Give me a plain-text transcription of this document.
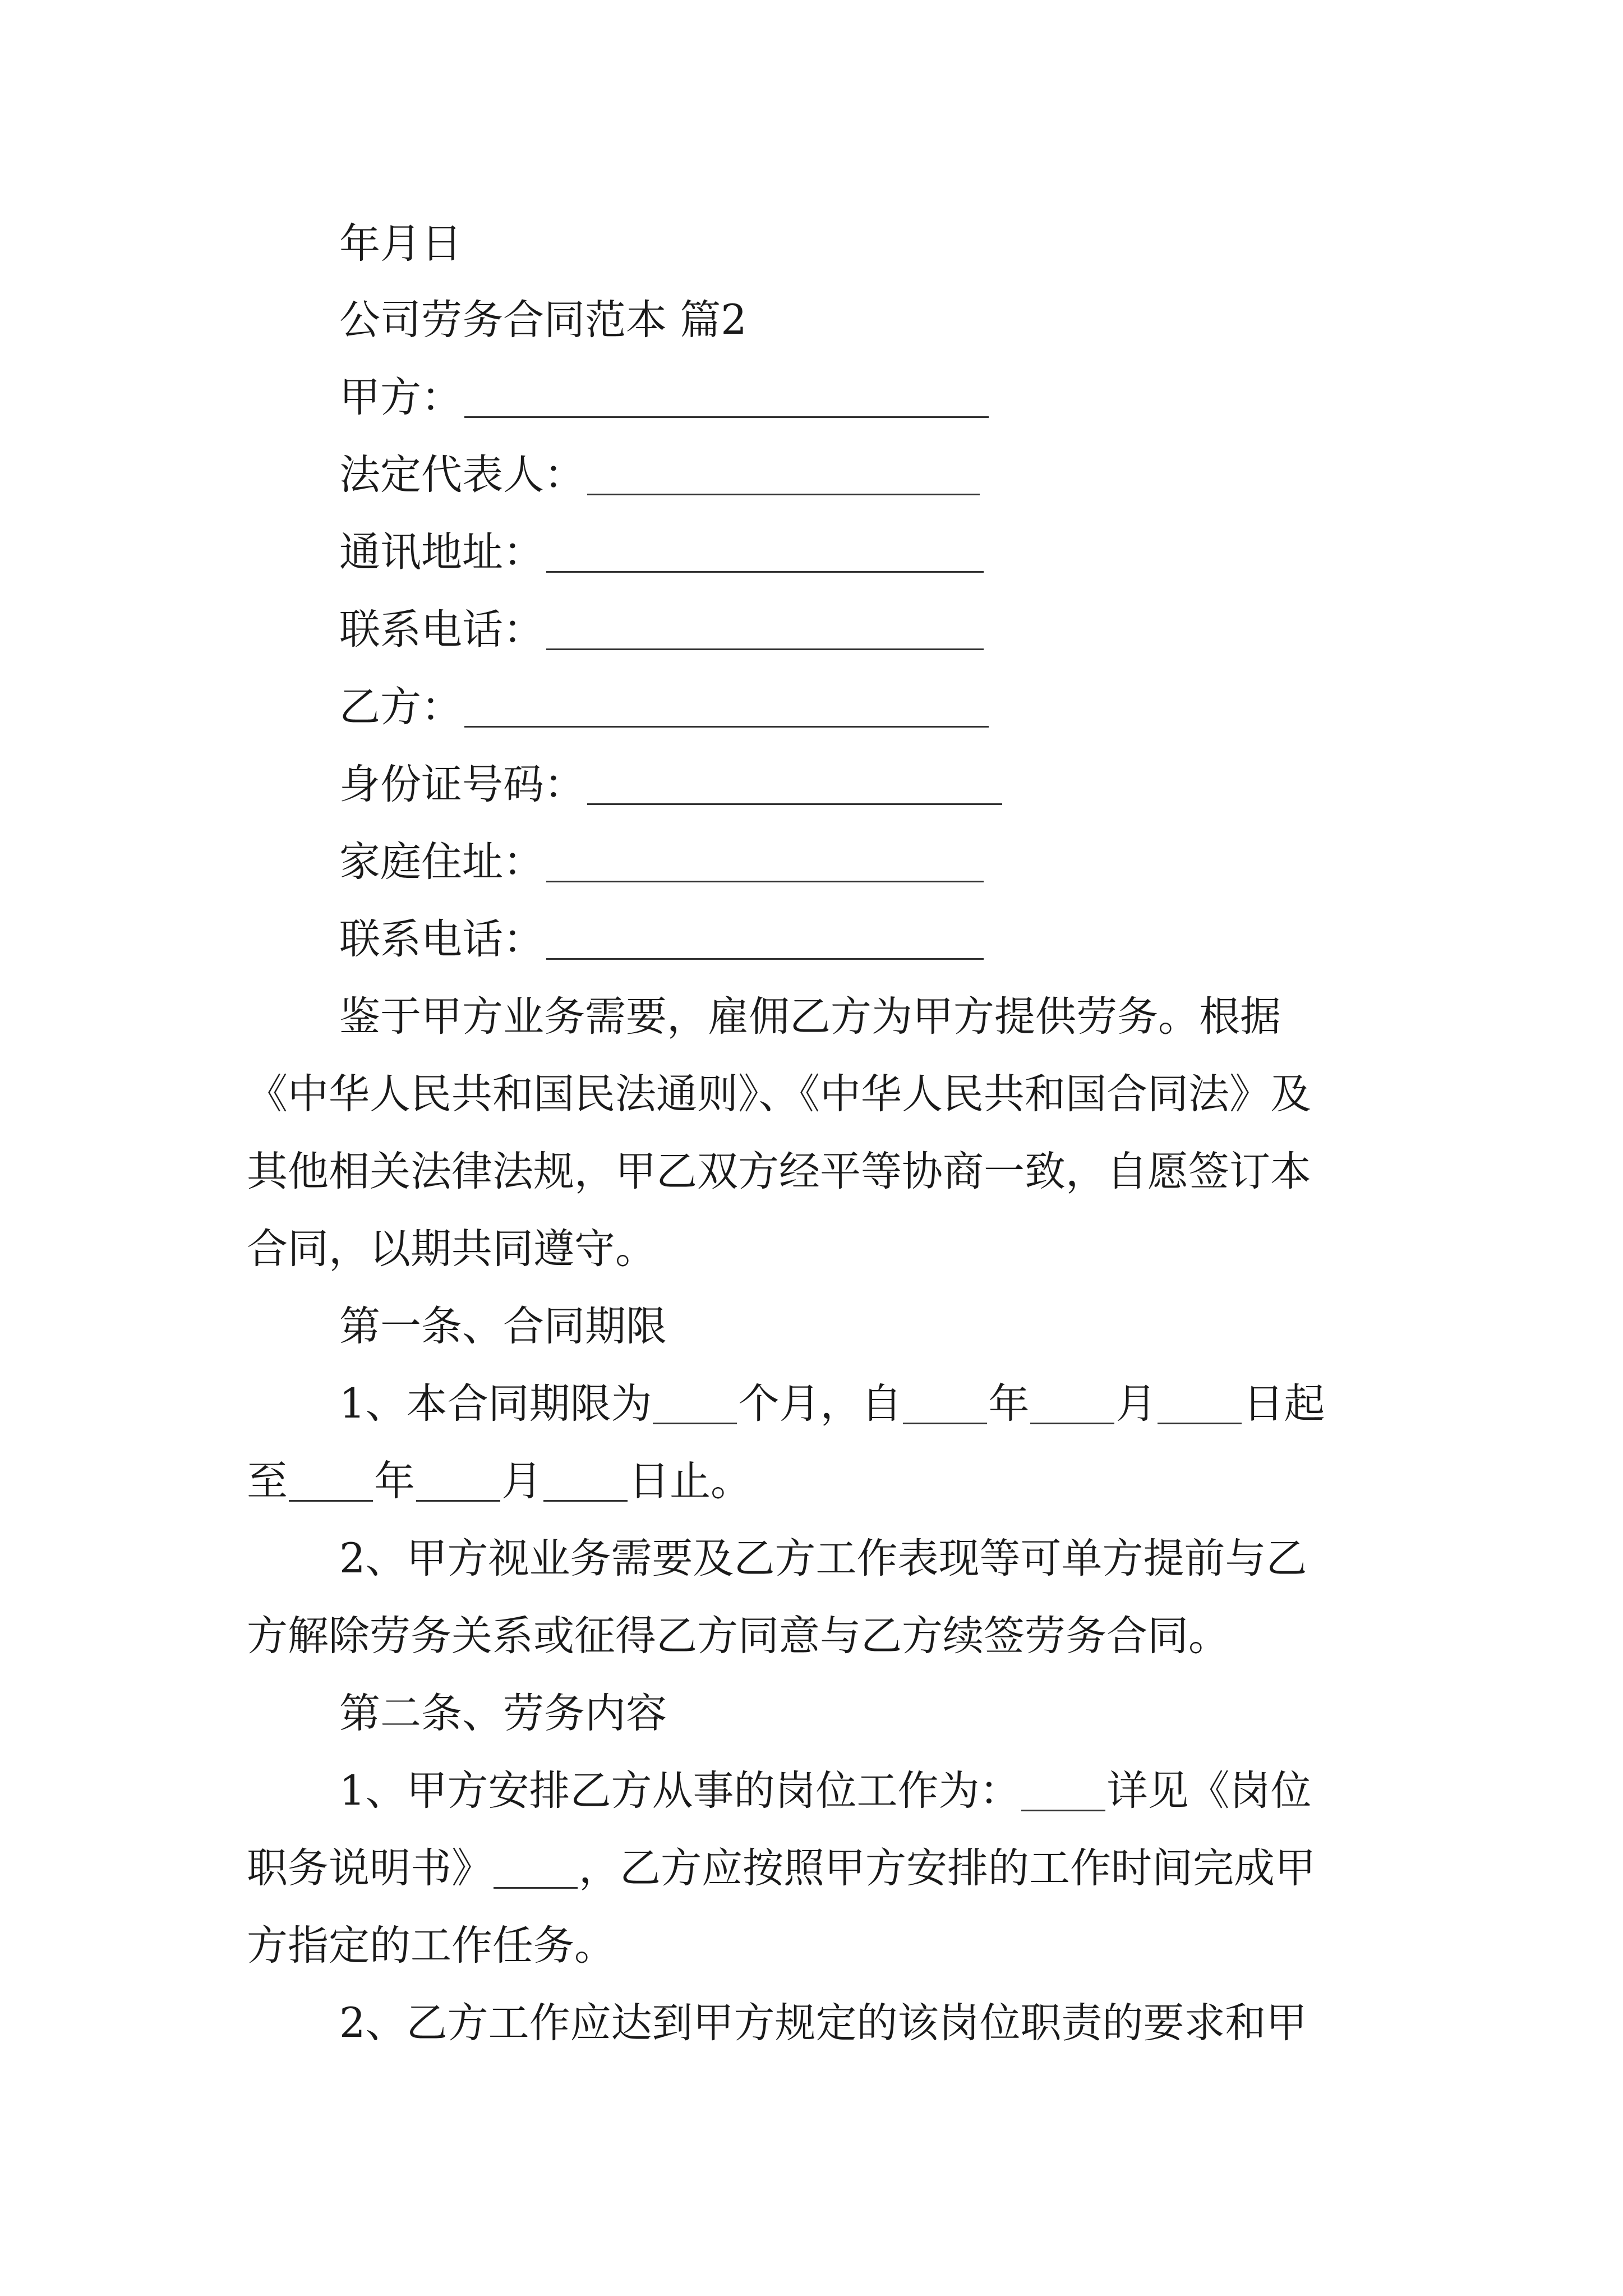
年月日
公司劳务合同范本 篇2
甲方：
法定代表人：
通讯地址：
联系电话：
乙方：
身份证号码：
家庭住址：
联系电话：
鉴于甲方业务需要，雇佣乙方为甲方提供劳务。根据
《中华人民共和国民法通则》、《中华人民共和国合同法》及
其他相关法律法规，甲乙双方经平等协商一致，自愿签订本
合同，以期共同遵守。
第一条、合同期限
1、本合同期限为 个月，自 年 月 日起
至 年 月 日止。
2、甲方视业务需要及乙方工作表现等可单方提前与乙
方解除劳务关系或征得乙方同意与乙方续签劳务合同。
第二条、劳务内容
1、甲方安排乙方从事的岗位工作为： 详见《岗位
职务说明书》 ，乙方应按照甲方安排的工作时间完成甲
方指定的工作任务。
2、乙方工作应达到甲方规定的该岗位职责的要求和甲
